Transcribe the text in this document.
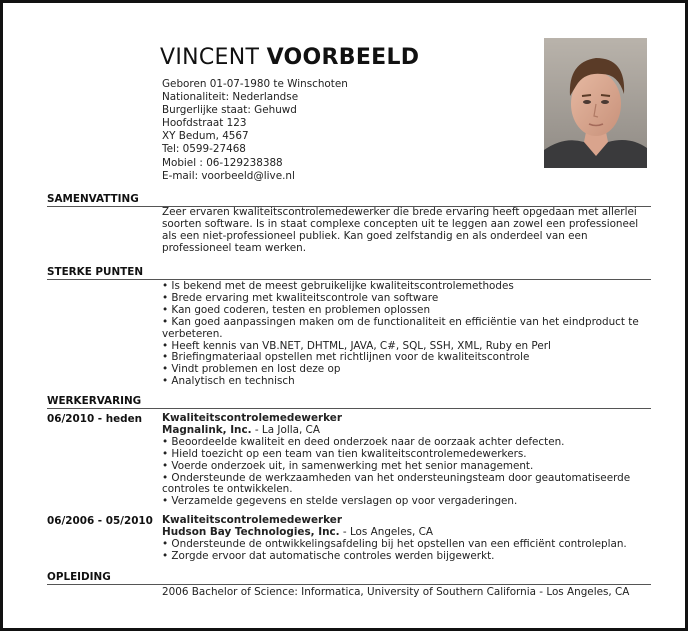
VINCENT VOORBEELD
Geboren 01-07-1980 te Winschoten
Nationaliteit: Nederlandse
Burgerlijke staat: Gehuwd
Hoofdstraat 123
XY Bedum, 4567
Tel: 0599-27468
Mobiel : 06-129238388
E-mail: voorbeeld@live.nl
SAMENVATTING
Zeer ervaren kwaliteitscontrolemedewerker die brede ervaring heeft opgedaan met allerlei soorten software. Is in staat complexe concepten uit te leggen aan zowel een professioneel als een niet-professioneel publiek. Kan goed zelfstandig en als onderdeel van een professioneel team werken.
STERKE PUNTEN
• Is bekend met de meest gebruikelijke kwaliteitscontrolemethodes
• Brede ervaring met kwaliteitscontrole van software
• Kan goed coderen, testen en problemen oplossen
• Kan goed aanpassingen maken om de functionaliteit en efficiëntie van het eindproduct te verbeteren.
• Heeft kennis van VB.NET, DHTML, JAVA, C#, SQL, SSH, XML, Ruby en Perl
• Briefingmateriaal opstellen met richtlijnen voor de kwaliteitscontrole
• Vindt problemen en lost deze op
• Analytisch en technisch
WERKERVARING
06/2010 - heden Kwaliteitscontrolemedewerker
Magnalink, Inc. - La Jolla, CA
• Beoordeelde kwaliteit en deed onderzoek naar de oorzaak achter defecten.
• Hield toezicht op een team van tien kwaliteitscontrolemedewerkers.
• Voerde onderzoek uit, in samenwerking met het senior management.
• Ondersteunde de werkzaamheden van het ondersteuningsteam door geautomatiseerde controles te ontwikkelen.
• Verzamelde gegevens en stelde verslagen op voor vergaderingen.
06/2006 - 05/2010 Kwaliteitscontrolemedewerker
Hudson Bay Technologies, Inc. - Los Angeles, CA
• Ondersteunde de ontwikkelingsafdeling bij het opstellen van een efficiënt controleplan.
• Zorgde ervoor dat automatische controles werden bijgewerkt.
OPLEIDING
2006 Bachelor of Science: Informatica, University of Southern California - Los Angeles, CA
